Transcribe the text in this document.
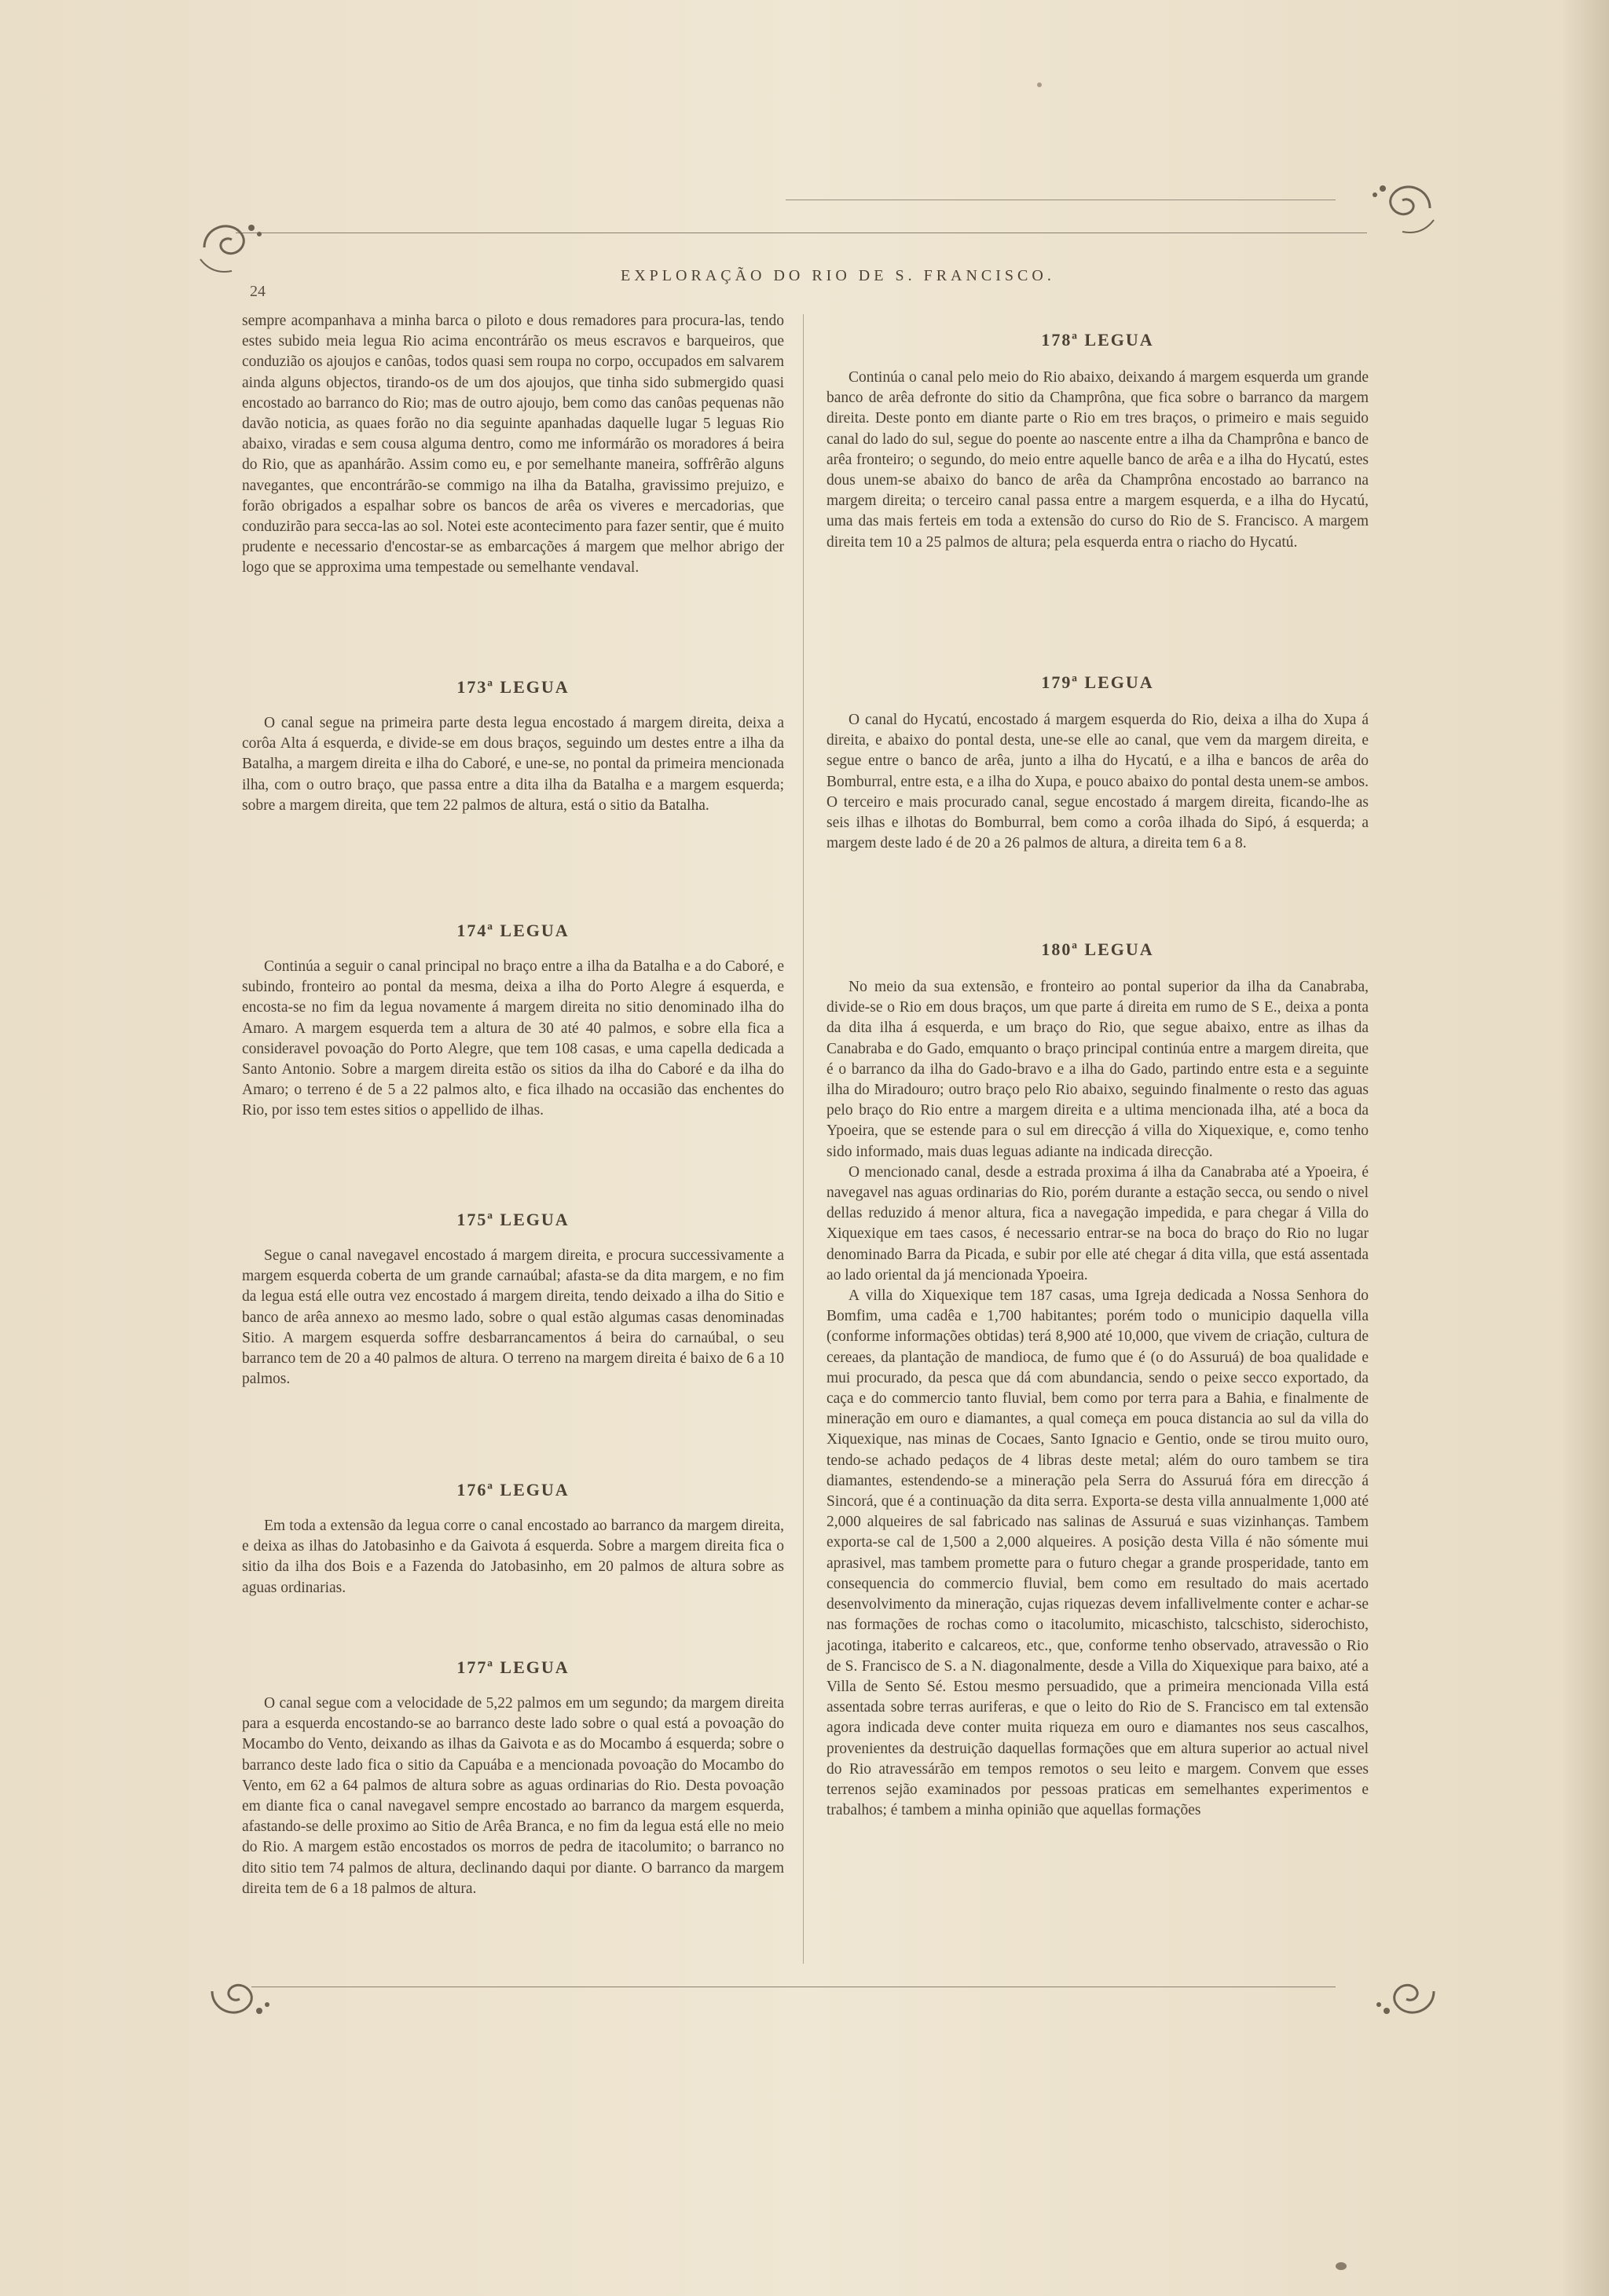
24
EXPLORAÇÃO DO RIO DE S. FRANCISCO.

sempre acompanhava a minha barca o piloto e dous remadores para procura-las, tendo estes subido meia legua Rio acima encontrárão os meus escravos e barqueiros, que conduzião os ajoujos e canôas, todos quasi sem roupa no corpo, occupados em salvarem ainda alguns objectos, tirando-os de um dos ajoujos, que tinha sido submergido quasi encostado ao barranco do Rio; mas de outro ajoujo, bem como das canôas pequenas não davão noticia, as quaes forão no dia seguinte apanhadas daquelle lugar 5 leguas Rio abaixo, viradas e sem cousa alguma dentro, como me informárão os moradores á beira do Rio, que as apanhárão. Assim como eu, e por semelhante maneira, soffrêrão alguns navegantes, que encontrárão-se commigo na ilha da Batalha, gravissimo prejuizo, e forão obrigados a espalhar sobre os bancos de arêa os viveres e mercadorias, que conduzirão para secca-las ao sol. Notei este acontecimento para fazer sentir, que é muito prudente e necessario d'encostar-se as embarcações á margem que melhor abrigo der logo que se approxima uma tempestade ou semelhante vendaval.

173ª LEGUA

O canal segue na primeira parte desta legua encostado á margem direita, deixa a corôa Alta á esquerda, e divide-se em dous braços, seguindo um destes entre a ilha da Batalha, a margem direita e ilha do Caboré, e une-se, no pontal da primeira mencionada ilha, com o outro braço, que passa entre a dita ilha da Batalha e a margem esquerda; sobre a margem direita, que tem 22 palmos de altura, está o sitio da Batalha.

174ª LEGUA

Continúa a seguir o canal principal no braço entre a ilha da Batalha e a do Caboré, e subindo, fronteiro ao pontal da mesma, deixa a ilha do Porto Alegre á esquerda, e encosta-se no fim da legua novamente á margem direita no sitio denominado ilha do Amaro. A margem esquerda tem a altura de 30 até 40 palmos, e sobre ella fica a consideravel povoação do Porto Alegre, que tem 108 casas, e uma capella dedicada a Santo Antonio. Sobre a margem direita estão os sitios da ilha do Caboré e da ilha do Amaro; o terreno é de 5 a 22 palmos alto, e fica ilhado na occasião das enchentes do Rio, por isso tem estes sitios o appellido de ilhas.

175ª LEGUA

Segue o canal navegavel encostado á margem direita, e procura successivamente a margem esquerda coberta de um grande carnaúbal; afasta-se da dita margem, e no fim da legua está elle outra vez encostado á margem direita, tendo deixado a ilha do Sitio e banco de arêa annexo ao mesmo lado, sobre o qual estão algumas casas denominadas Sitio. A margem esquerda soffre desbarrancamentos á beira do carnaúbal, o seu barranco tem de 20 a 40 palmos de altura. O terreno na margem direita é baixo de 6 a 10 palmos.

176ª LEGUA

Em toda a extensão da legua corre o canal encostado ao barranco da margem direita, e deixa as ilhas do Jatobasinho e da Gaivota á esquerda. Sobre a margem direita fica o sitio da ilha dos Bois e a Fazenda do Jatobasinho, em 20 palmos de altura sobre as aguas ordinarias.

177ª LEGUA

O canal segue com a velocidade de 5,22 palmos em um segundo; da margem direita para a esquerda encostando-se ao barranco deste lado sobre o qual está a povoação do Mocambo do Vento, deixando as ilhas da Gaivota e as do Mocambo á esquerda; sobre o barranco deste lado fica o sitio da Capuába e a mencionada povoação do Mocambo do Vento, em 62 a 64 palmos de altura sobre as aguas ordinarias do Rio. Desta povoação em diante fica o canal navegavel sempre encostado ao barranco da margem esquerda, afastando-se delle proximo ao Sitio de Arêa Branca, e no fim da legua está elle no meio do Rio. A margem estão encostados os morros de pedra de itacolumito; o barranco no dito sitio tem 74 palmos de altura, declinando daqui por diante. O barranco da margem direita tem de 6 a 18 palmos de altura.

178ª LEGUA

Continúa o canal pelo meio do Rio abaixo, deixando á margem esquerda um grande banco de arêa defronte do sitio da Champrôna, que fica sobre o barranco da margem direita. Deste ponto em diante parte o Rio em tres braços, o primeiro e mais seguido canal do lado do sul, segue do poente ao nascente entre a ilha da Champrôna e banco de arêa fronteiro; o segundo, do meio entre aquelle banco de arêa e a ilha do Hycatú, estes dous unem-se abaixo do banco de arêa da Champrôna encostado ao barranco na margem direita; o terceiro canal passa entre a margem esquerda, e a ilha do Hycatú, uma das mais ferteis em toda a extensão do curso do Rio de S. Francisco. A margem direita tem 10 a 25 palmos de altura; pela esquerda entra o riacho do Hycatú.

179ª LEGUA

O canal do Hycatú, encostado á margem esquerda do Rio, deixa a ilha do Xupa á direita, e abaixo do pontal desta, une-se elle ao canal, que vem da margem direita, e segue entre o banco de arêa, junto a ilha do Hycatú, e a ilha e bancos de arêa do Bomburral, entre esta, e a ilha do Xupa, e pouco abaixo do pontal desta unem-se ambos. O terceiro e mais procurado canal, segue encostado á margem direita, ficando-lhe as seis ilhas e ilhotas do Bomburral, bem como a corôa ilhada do Sipó, á esquerda; a margem deste lado é de 20 a 26 palmos de altura, a direita tem 6 a 8.

180ª LEGUA

No meio da sua extensão, e fronteiro ao pontal superior da ilha da Canabraba, divide-se o Rio em dous braços, um que parte á direita em rumo de S E., deixa a ponta da dita ilha á esquerda, e um braço do Rio, que segue abaixo, entre as ilhas da Canabraba e do Gado, emquanto o braço principal continúa entre a margem direita, que é o barranco da ilha do Gado-bravo e a ilha do Gado, partindo entre esta e a seguinte ilha do Miradouro; outro braço pelo Rio abaixo, seguindo finalmente o resto das aguas pelo braço do Rio entre a margem direita e a ultima mencionada ilha, até a boca da Ypoeira, que se estende para o sul em direcção á villa do Xiquexique, e, como tenho sido informado, mais duas leguas adiante na indicada direcção.

O mencionado canal, desde a estrada proxima á ilha da Canabraba até a Ypoeira, é navegavel nas aguas ordinarias do Rio, porém durante a estação secca, ou sendo o nivel dellas reduzido á menor altura, fica a navegação impedida, e para chegar á Villa do Xiquexique em taes casos, é necessario entrar-se na boca do braço do Rio no lugar denominado Barra da Picada, e subir por elle até chegar á dita villa, que está assentada ao lado oriental da já mencionada Ypoeira.

A villa do Xiquexique tem 187 casas, uma Igreja dedicada a Nossa Senhora do Bomfim, uma cadêa e 1,700 habitantes; porém todo o municipio daquella villa (conforme informações obtidas) terá 8,900 até 10,000, que vivem de criação, cultura de cereaes, da plantação de mandioca, de fumo que é (o do Assuruá) de boa qualidade e mui procurado, da pesca que dá com abundancia, sendo o peixe secco exportado, da caça e do commercio tanto fluvial, bem como por terra para a Bahia, e finalmente de mineração em ouro e diamantes, a qual começa em pouca distancia ao sul da villa do Xiquexique, nas minas de Cocaes, Santo Ignacio e Gentio, onde se tirou muito ouro, tendo-se achado pedaços de 4 libras deste metal; além do ouro tambem se tira diamantes, estendendo-se a mineração pela Serra do Assuruá fóra em direcção á Sincorá, que é a continuação da dita serra. Exporta-se desta villa annualmente 1,000 até 2,000 alqueires de sal fabricado nas salinas de Assuruá e suas vizinhanças. Tambem exporta-se cal de 1,500 a 2,000 alqueires. A posição desta Villa é não sómente mui aprasivel, mas tambem promette para o futuro chegar a grande prosperidade, tanto em consequencia do commercio fluvial, bem como em resultado do mais acertado desenvolvimento da mineração, cujas riquezas devem infallivelmente conter e achar-se nas formações de rochas como o itacolumito, micaschisto, talcschisto, siderochisto, jacotinga, itaberito e calcareos, etc., que, conforme tenho observado, atravessão o Rio de S. Francisco de S. a N. diagonalmente, desde a Villa do Xiquexique para baixo, até a Villa de Sento Sé. Estou mesmo persuadido, que a primeira mencionada Villa está assentada sobre terras auriferas, e que o leito do Rio de S. Francisco em tal extensão agora indicada deve conter muita riqueza em ouro e diamantes nos seus cascalhos, provenientes da destruição daquellas formações que em altura superior ao actual nivel do Rio atravessárão em tempos remotos o seu leito e margem. Convem que esses terrenos sejão examinados por pessoas praticas em semelhantes experimentos e trabalhos; é tambem a minha opinião que aquellas formações
